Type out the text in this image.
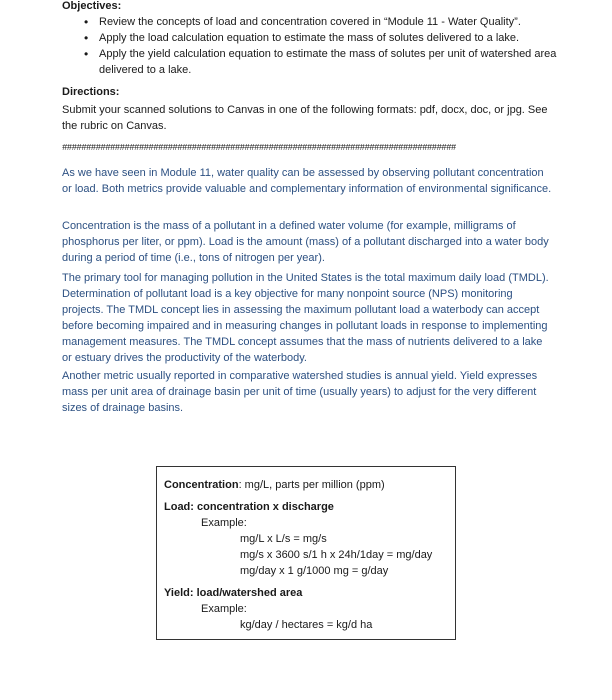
Objectives:
• Review the concepts of load and concentration covered in “Module 11 - Water Quality”.
• Apply the load calculation equation to estimate the mass of solutes delivered to a lake.
• Apply the yield calculation equation to estimate the mass of solutes per unit of watershed area delivered to a lake.
Directions:
Submit your scanned solutions to Canvas in one of the following formats: pdf, docx, doc, or jpg. See the rubric on Canvas.
##################################################################################

As we have seen in Module 11, water quality can be assessed by observing pollutant concentration or load. Both metrics provide valuable and complementary information of environmental significance.

Concentration is the mass of a pollutant in a defined water volume (for example, milligrams of phosphorus per liter, or ppm). Load is the amount (mass) of a pollutant discharged into a water body during a period of time (i.e., tons of nitrogen per year).

The primary tool for managing pollution in the United States is the total maximum daily load (TMDL). Determination of pollutant load is a key objective for many nonpoint source (NPS) monitoring projects. The TMDL concept lies in assessing the maximum pollutant load a waterbody can accept before becoming impaired and in measuring changes in pollutant loads in response to implementing management measures. The TMDL concept assumes that the mass of nutrients delivered to a lake or estuary drives the productivity of the waterbody.

Another metric usually reported in comparative watershed studies is annual yield. Yield expresses mass per unit area of drainage basin per unit of time (usually years) to adjust for the very different sizes of drainage basins.

Concentration: mg/L, parts per million (ppm)
Load: concentration x discharge
Example:
mg/L x L/s = mg/s
mg/s x 3600 s/1 h x 24h/1day = mg/day
mg/day x 1 g/1000 mg = g/day
Yield: load/watershed area
Example:
kg/day / hectares = kg/d ha
